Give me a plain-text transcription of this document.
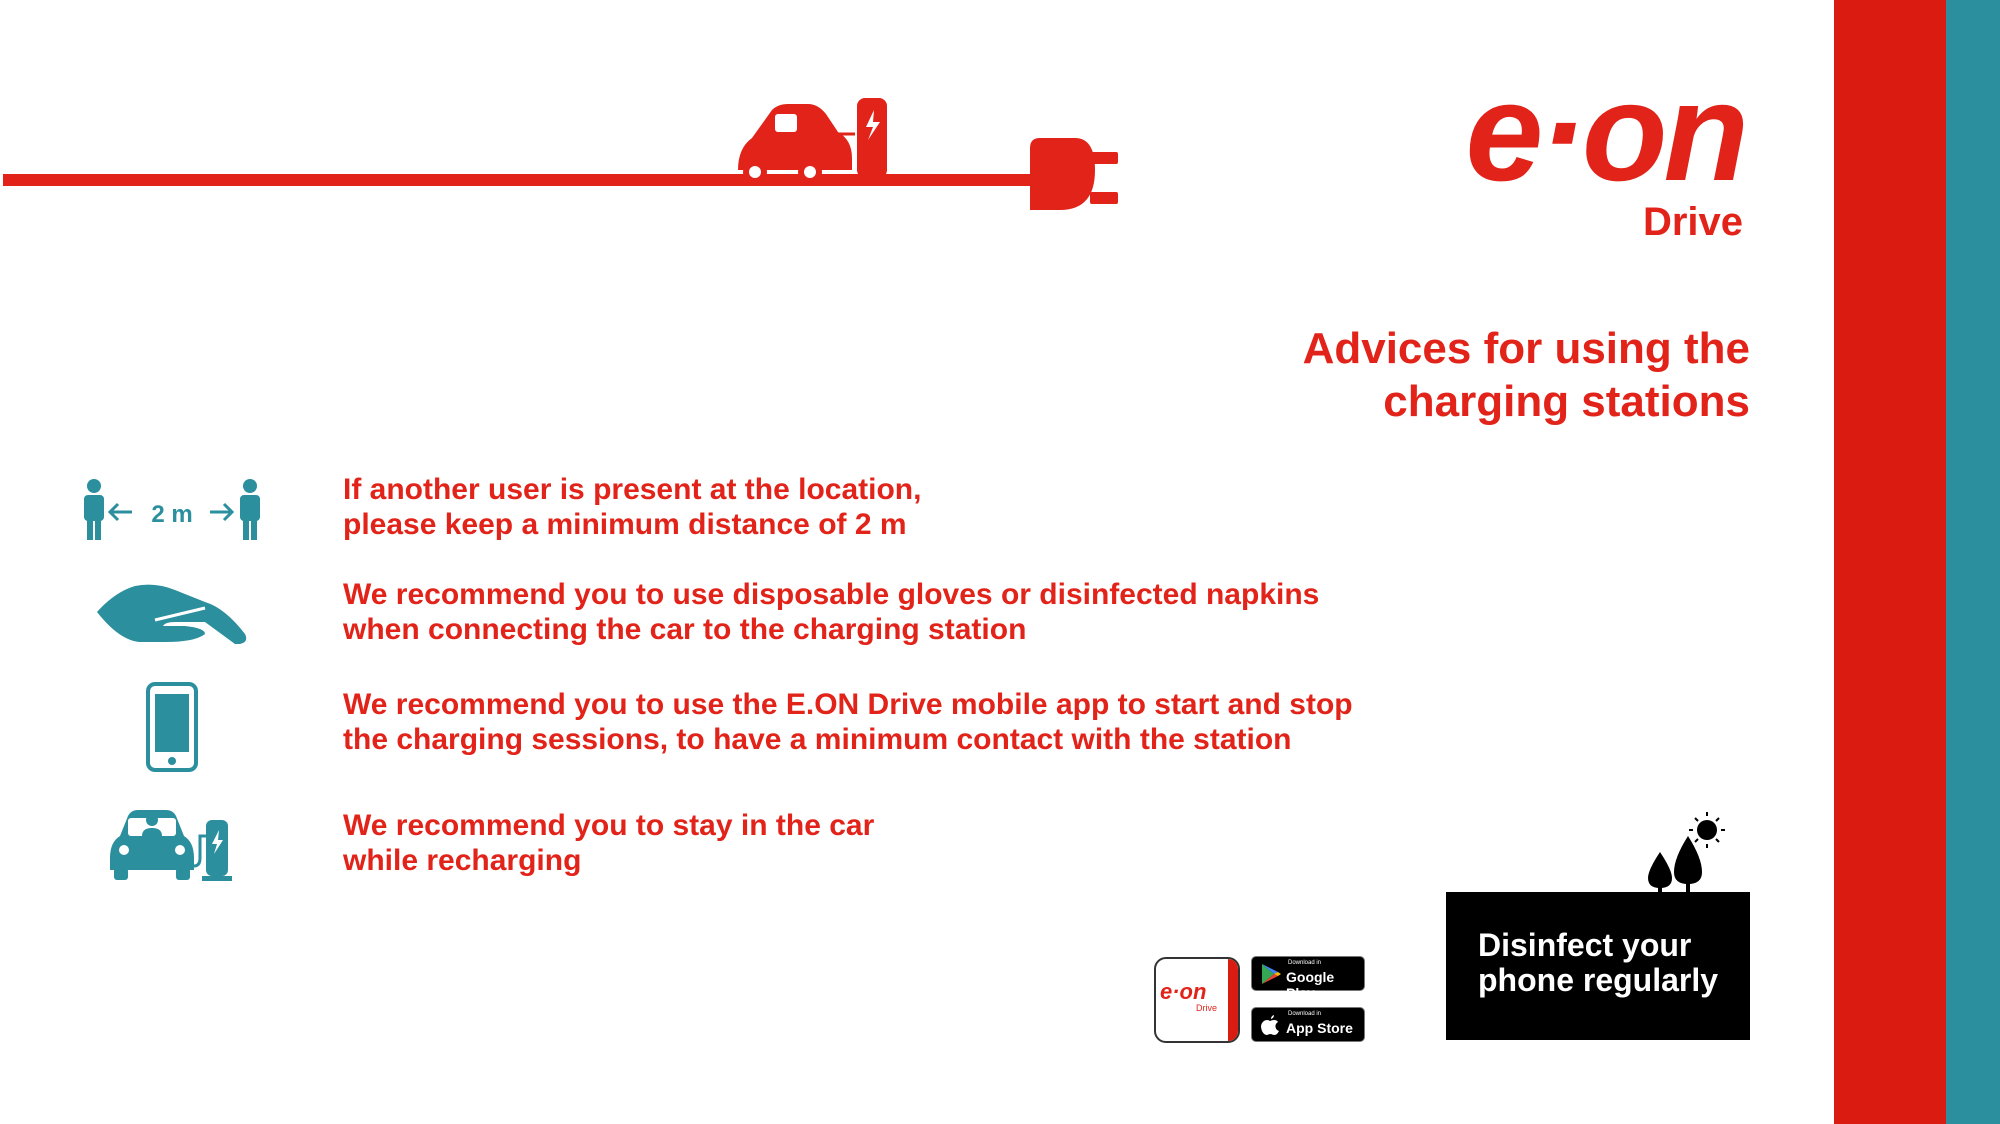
e·on
Drive
Advices for using the
charging stations
2 m
If another user is present at the location,
please keep a minimum distance of 2 m
We recommend you to use disposable gloves or disinfected napkins
when connecting the car to the charging station
We recommend you to use the E.ON Drive mobile app to start and stop
the charging sessions, to have a minimum contact with the station
We recommend you to stay in the car
while recharging
e·on
Drive
Download in
Google Play
Download in
App Store
Disinfect your
phone regularly
